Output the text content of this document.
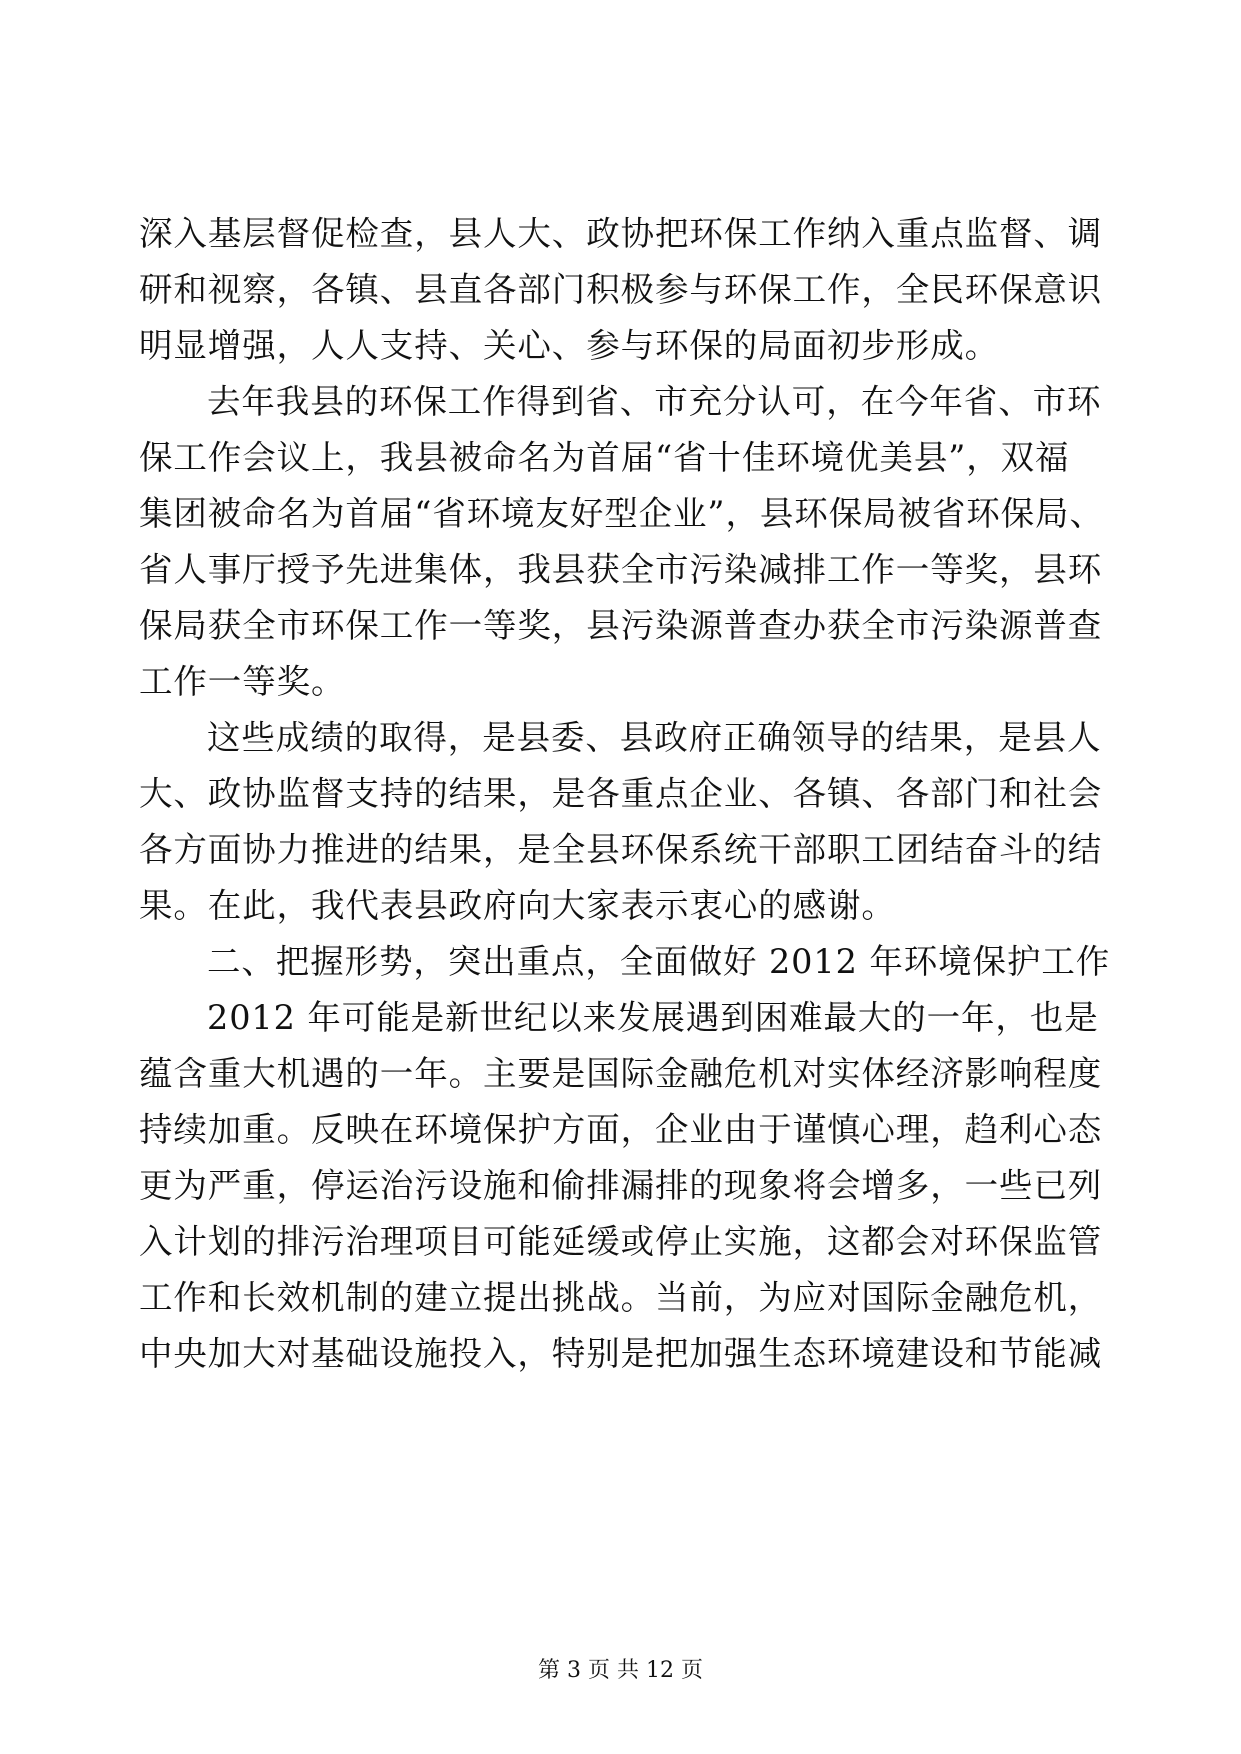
深入基层督促检查，县人大、政协把环保工作纳入重点监督、调
研和视察，各镇、县直各部门积极参与环保工作，全民环保意识
明显增强，人人支持、关心、参与环保的局面初步形成。
去年我县的环保工作得到省、市充分认可，在今年省、市环
保工作会议上，我县被命名为首届“省十佳环境优美县”，双福
集团被命名为首届“省环境友好型企业”，县环保局被省环保局、
省人事厅授予先进集体，我县获全市污染减排工作一等奖，县环
保局获全市环保工作一等奖，县污染源普查办获全市污染源普查
工作一等奖。
这些成绩的取得，是县委、县政府正确领导的结果，是县人
大、政协监督支持的结果，是各重点企业、各镇、各部门和社会
各方面协力推进的结果，是全县环保系统干部职工团结奋斗的结
果。在此，我代表县政府向大家表示衷心的感谢。
二、把握形势，突出重点，全面做好 2012 年环境保护工作
2012 年可能是新世纪以来发展遇到困难最大的一年，也是
蕴含重大机遇的一年。主要是国际金融危机对实体经济影响程度
持续加重。反映在环境保护方面，企业由于谨慎心理，趋利心态
更为严重，停运治污设施和偷排漏排的现象将会增多，一些已列
入计划的排污治理项目可能延缓或停止实施，这都会对环保监管
工作和长效机制的建立提出挑战。当前，为应对国际金融危机，
中央加大对基础设施投入，特别是把加强生态环境建设和节能减
第 3 页 共 12 页
